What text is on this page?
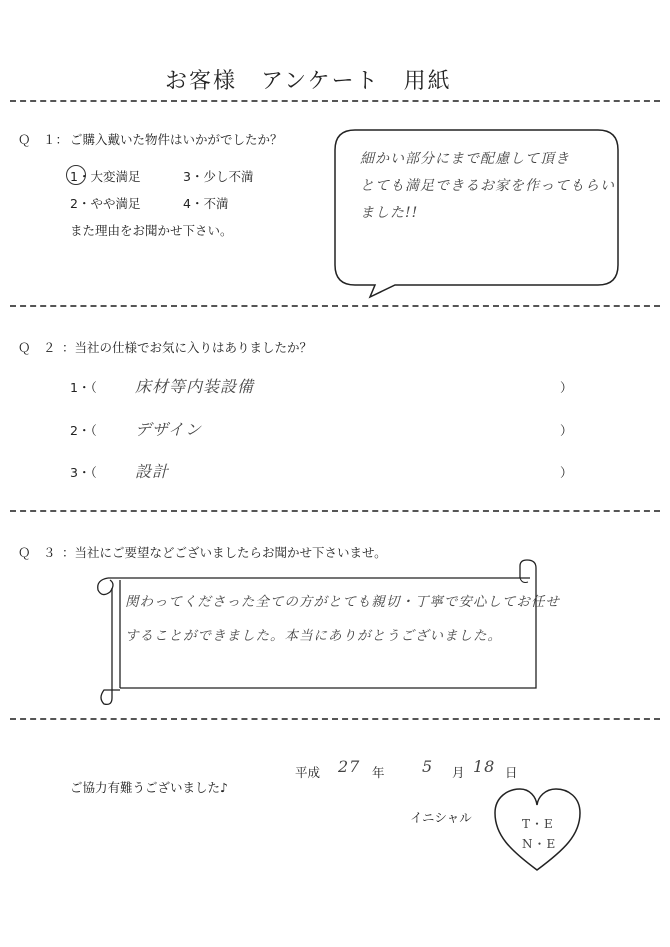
お客様　アンケート　用紙
Ｑ　１： ご購入戴いた物件はいかがでしたか？
1・大変満足	3・少し不満
2・やや満足	4・不満
また理由をお聞かせ下さい。
細かい部分にまで配慮して頂き
とても満足できるお家を作ってもらい
ました!!
Ｑ　２ ：当社の仕様でお気に入りはありましたか？
1・（ 床材等内装設備	）
2・（ デザイン	）
3・（ 設計	）
Ｑ　３ ：当社にご要望などございましたらお聞かせ下さいませ。
関わってくださった全ての方がとても親切・丁寧で安心してお任せ
することができました。本当にありがとうございました。
平成 27 年 5 月 18 日
ご協力有難うございました♪
イニシャル	T・E
N・E
